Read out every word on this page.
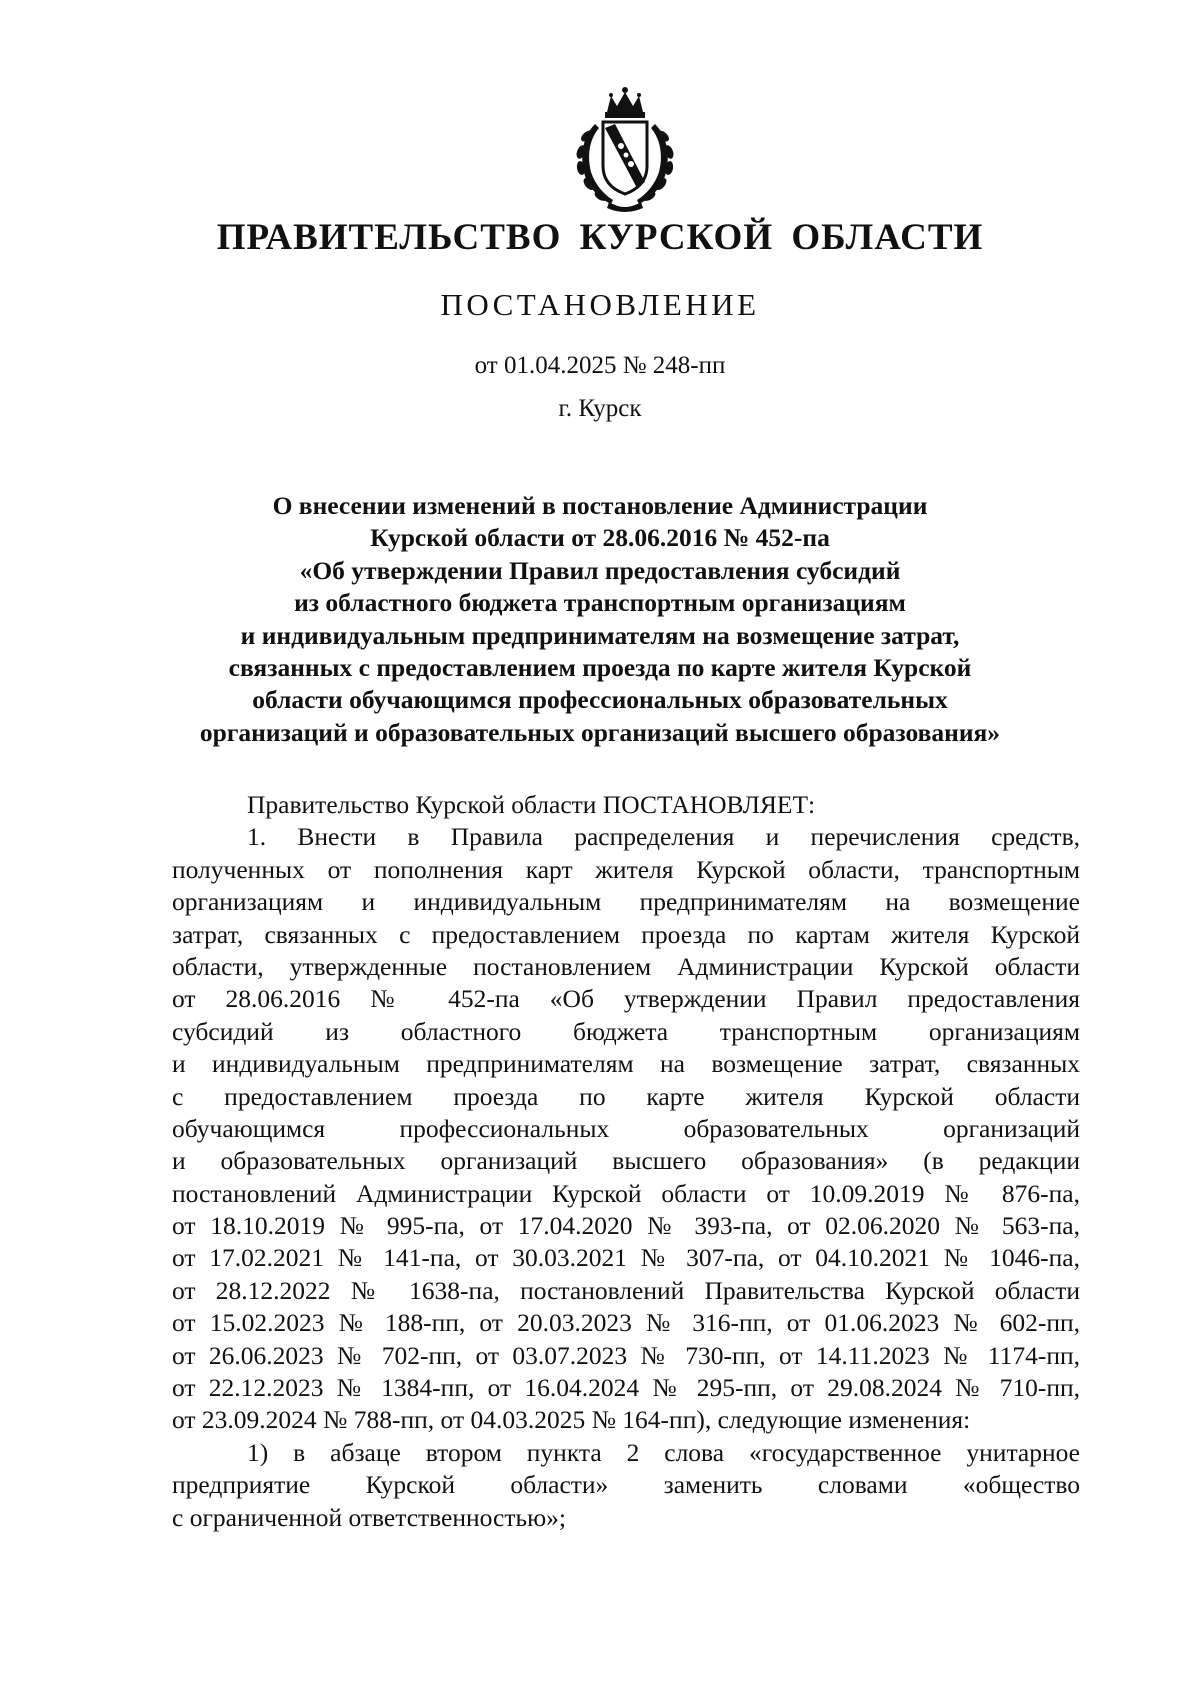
ПРАВИТЕЛЬСТВО КУРСКОЙ ОБЛАСТИ
ПОСТАНОВЛЕНИЕ
от 01.04.2025 № 248-пп
г. Курск
О внесении изменений в постановление Администрации
Курской области от 28.06.2016 № 452-па
«Об утверждении Правил предоставления субсидий
из областного бюджета транспортным организациям
и индивидуальным предпринимателям на возмещение затрат,
связанных с предоставлением проезда по карте жителя Курской
области обучающимся профессиональных образовательных
организаций и образовательных организаций высшего образования»
Правительство Курской области ПОСТАНОВЛЯЕТ:
1. Внести в Правила распределения и перечисления средств,
полученных от пополнения карт жителя Курской области, транспортным
организациям и индивидуальным предпринимателям на возмещение
затрат, связанных с предоставлением проезда по картам жителя Курской
области, утвержденные постановлением Администрации Курской области
от 28.06.2016 № 452-па «Об утверждении Правил предоставления
субсидий из областного бюджета транспортным организациям
и индивидуальным предпринимателям на возмещение затрат, связанных
с предоставлением проезда по карте жителя Курской области
обучающимся профессиональных образовательных организаций
и образовательных организаций высшего образования» (в редакции
постановлений Администрации Курской области от 10.09.2019 № 876-па,
от 18.10.2019 № 995-па, от 17.04.2020 № 393-па, от 02.06.2020 № 563-па,
от 17.02.2021 № 141-па, от 30.03.2021 № 307-па, от 04.10.2021 № 1046-па,
от 28.12.2022 № 1638-па, постановлений Правительства Курской области
от 15.02.2023 № 188-пп, от 20.03.2023 № 316-пп, от 01.06.2023 № 602-пп,
от 26.06.2023 № 702-пп, от 03.07.2023 № 730-пп, от 14.11.2023 № 1174-пп,
от 22.12.2023 № 1384-пп, от 16.04.2024 № 295-пп, от 29.08.2024 № 710-пп,
от 23.09.2024 № 788-пп, от 04.03.2025 № 164-пп), следующие изменения:
1) в абзаце втором пункта 2 слова «государственное унитарное
предприятие Курской области» заменить словами «общество
с ограниченной ответственностью»;
